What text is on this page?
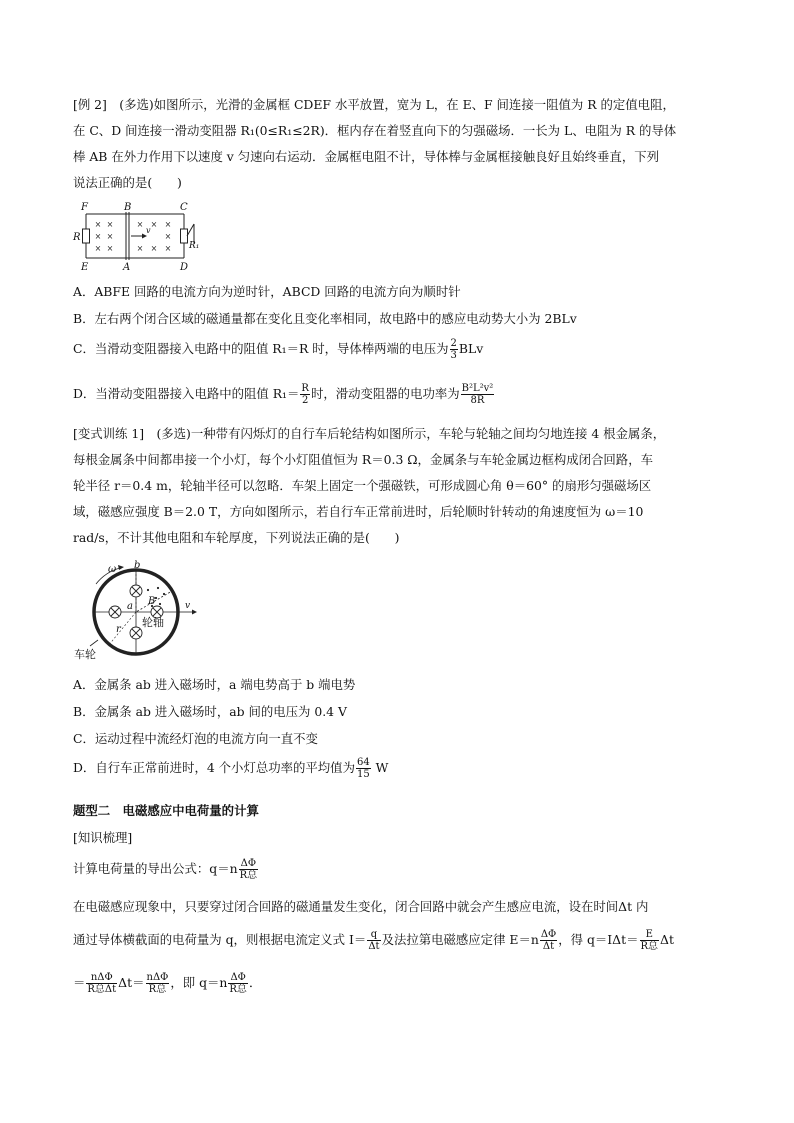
[例 2]　(多选)如图所示，光滑的金属框 CDEF 水平放置，宽为 L，在 E、F 间连接一阻值为 R 的定值电阻，
在 C、D 间连接一滑动变阻器 R₁(0≤R₁≤2R)．框内存在着竖直向下的匀强磁场．一长为 L、电阻为 R 的导体
棒 AB 在外力作用下以速度 v 匀速向右运动．金属框电阻不计，导体棒与金属框接触良好且始终垂直，下列
说法正确的是(　　)
× ×	× × ×
× ×	×
× ×	× × ×
F	B	C
E	A	D
R
R₁
v
A．ABFE 回路的电流方向为逆时针，ABCD 回路的电流方向为顺时针
B．左右两个闭合区域的磁通量都在变化且变化率相同，故电路中的感应电动势大小为 2BLv
C．当滑动变阻器接入电路中的阻值 R₁＝R 时，导体棒两端的电压为 $\frac{2}{3}$ BLv
D．当滑动变阻器接入电路中的阻值 $R_1= \frac{R}{2}$ 时，滑动变阻器的电功率为 $\frac{\text{B²L²v²}}{8R}$
[变式训练 1]　(多选)一种带有闪烁灯的自行车后轮结构如图所示，车轮与轮轴之间均匀地连接 4 根金属条，
每根金属条中间都串接一个小灯，每个小灯阻值恒为 R＝0.3 Ω，金属条与车轮金属边框构成闭合回路，车
轮半径 r＝0.4 m，轮轴半径可以忽略．车架上固定一个强磁铁，可形成圆心角 θ＝60° 的扇形匀强磁场区
域，磁感应强度 B＝2.0 T，方向如图所示，若自行车正常前进时，后轮顺时针转动的角速度恒为 ω＝10
rad/s，不计其他电阻和车轮厚度，下列说法正确的是(　　)
ω b
a B	v
r
轮轴
车轮
A．金属条 ab 进入磁场时，a 端电势高于 b 端电势
B．金属条 ab 进入磁场时，ab 间的电压为 0.4 V
C．运动过程中流经灯泡的电流方向一直不变
D．自行车正常前进时，4 个小灯总功率的平均值为 $\frac{64}{15}$ W
题型二　电磁感应中电荷量的计算
[知识梳理]
计算电荷量的导出公式：$q=n \frac{\Delta\Phi}{\text{R总}}$
在电磁感应现象中，只要穿过闭合回路的磁通量发生变化，闭合回路中就会产生感应电流，设在时间Δt 内
通过导体横截面的电荷量为 q，则根据电流定义式 $I= \frac{q}{\Delta t}$ 及法拉第电磁感应定律 $E=n \frac{\Delta\Phi}{\Delta t}$ ，得 $q=I\Delta t= \frac{E}{\text{R总}}$ Δt
＝ $\frac{\text{nΔΦ}}{\text{R总Δt}} \Delta t= \frac{\text{nΔΦ}}{\text{R总}}$ ，即 $q=n \frac{\Delta\Phi}{\text{R总}}$ ．
